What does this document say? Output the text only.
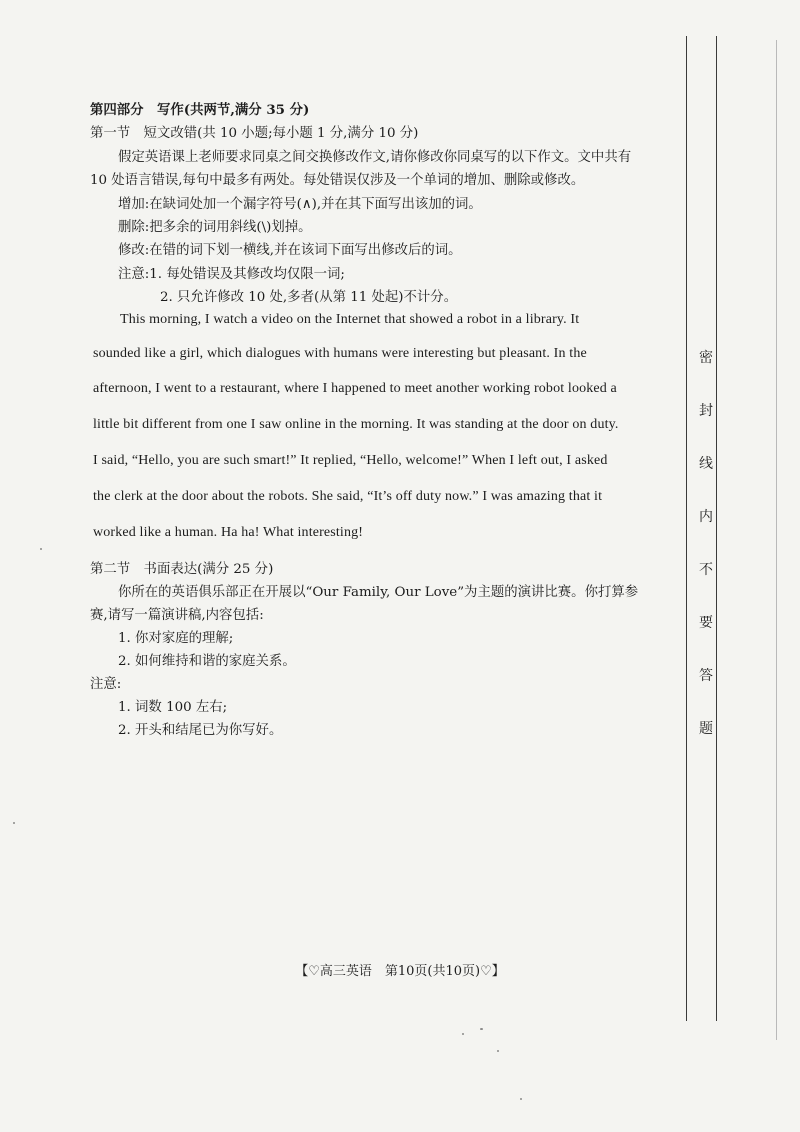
密
封
线
内
不
要
答
题
第四部分　写作(共两节,满分 35 分)
第一节　短文改错(共 10 小题;每小题 1 分,满分 10 分)
假定英语课上老师要求同桌之间交换修改作文,请你修改你同桌写的以下作文。文中共有
10 处语言错误,每句中最多有两处。每处错误仅涉及一个单词的增加、删除或修改。
增加:在缺词处加一个漏字符号(∧),并在其下面写出该加的词。
删除:把多余的词用斜线(\)划掉。
修改:在错的词下划一横线,并在该词下面写出修改后的词。
注意:1. 每处错误及其修改均仅限一词;
2. 只允许修改 10 处,多者(从第 11 处起)不计分。
This morning, I watch a video on the Internet that showed a robot in a library. It
sounded like a girl, which dialogues with humans were interesting but pleasant. In the
afternoon, I went to a restaurant, where I happened to meet another working robot looked a
little bit different from one I saw online in the morning. It was standing at the door on duty.
I said, “Hello, you are such smart!” It replied, “Hello, welcome!” When I left out, I asked
the clerk at the door about the robots. She said, “It’s off duty now.” I was amazing that it
worked like a human. Ha ha! What interesting!
第二节　书面表达(满分 25 分)
你所在的英语俱乐部正在开展以“Our Family, Our Love”为主题的演讲比赛。你打算参
赛,请写一篇演讲稿,内容包括:
1. 你对家庭的理解;
2. 如何维持和谐的家庭关系。
注意:
1. 词数 100 左右;
2. 开头和结尾已为你写好。
【♡高三英语　第10页(共10页)♡】
